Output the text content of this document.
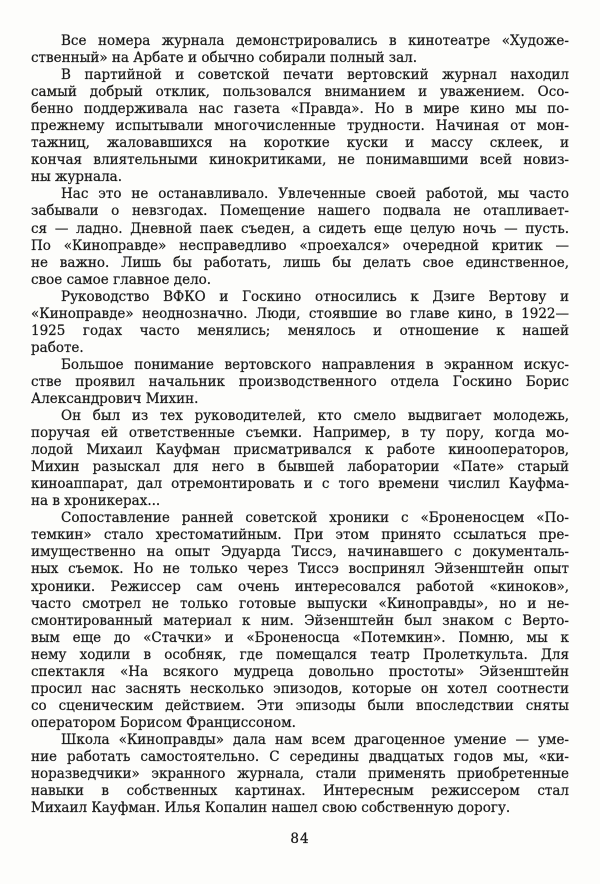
Все номера журнала демонстрировались в кинотеатре «Художе-
ственный» на Арбате и обычно собирали полный зал.
В партийной и советской печати вертовский журнал находил
самый добрый отклик, пользовался вниманием и уважением. Осо-
бенно поддерживала нас газета «Правда». Но в мире кино мы по-
прежнему испытывали многочисленные трудности. Начиная от мон-
тажниц, жаловавшихся на короткие куски и массу склеек, и
кончая влиятельными кинокритиками, не понимавшими всей новиз-
ны журнала.
Нас это не останавливало. Увлеченные своей работой, мы часто
забывали о невзгодах. Помещение нашего подвала не отапливает-
ся — ладно. Дневной паек съеден, а сидеть еще целую ночь — пусть.
По «Киноправде» несправедливо «проехался» очередной критик —
не важно. Лишь бы работать, лишь бы делать свое единственное,
свое самое главное дело.
Руководство ВФКО и Госкино относились к Дзиге Вертову и
«Киноправде» неоднозначно. Люди, стоявшие во главе кино, в 1922—
1925 годах часто менялись; менялось и отношение к нашей
работе.
Большое понимание вертовского направления в экранном искус-
стве проявил начальник производственного отдела Госкино Борис
Александрович Михин.
Он был из тех руководителей, кто смело выдвигает молодежь,
поручая ей ответственные съемки. Например, в ту пору, когда мо-
лодой Михаил Кауфман присматривался к работе кинооператоров,
Михин разыскал для него в бывшей лаборатории «Пате» старый
киноаппарат, дал отремонтировать и с того времени числил Кауфма-
на в хроникерах...
Сопоставление ранней советской хроники с «Броненосцем «По-
темкин» стало хрестоматийным. При этом принято ссылаться пре-
имущественно на опыт Эдуарда Тиссэ, начинавшего с документаль-
ных съемок. Но не только через Тиссэ воспринял Эйзенштейн опыт
хроники. Режиссер сам очень интересовался работой «киноков»,
часто смотрел не только готовые выпуски «Киноправды», но и не-
смонтированный материал к ним. Эйзенштейн был знаком с Верто-
вым еще до «Стачки» и «Броненосца «Потемкин». Помню, мы к
нему ходили в особняк, где помещался театр Пролеткульта. Для
спектакля «На всякого мудреца довольно простоты» Эйзенштейн
просил нас заснять несколько эпизодов, которые он хотел соотнести
со сценическим действием. Эти эпизоды были впоследствии сняты
оператором Борисом Франциссоном.
Школа «Киноправды» дала нам всем драгоценное умение — уме-
ние работать самостоятельно. С середины двадцатых годов мы, «ки-
норазведчики» экранного журнала, стали применять приобретенные
навыки в собственных картинах. Интересным режиссером стал
Михаил Кауфман. Илья Копалин нашел свою собственную дорогу.
84
